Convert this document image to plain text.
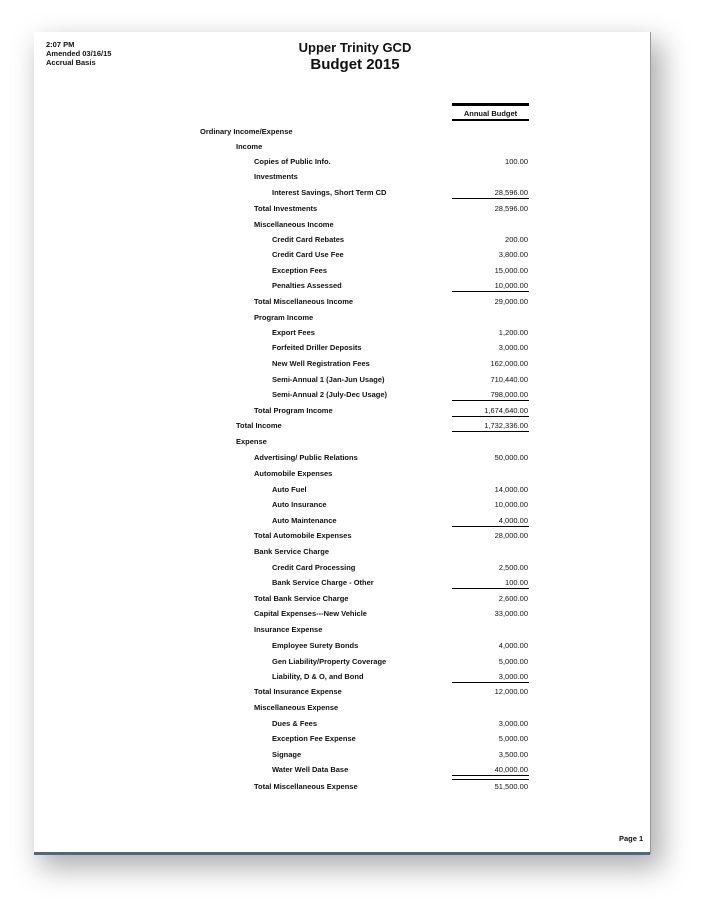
2:07 PM
Amended 03/16/15
Accrual Basis
Upper Trinity GCD
Budget 2015
Annual Budget
Ordinary Income/Expense
Income
Copies of Public Info.	100.00
Investments
Interest Savings, Short Term CD	28,596.00
Total Investments	28,596.00
Miscellaneous Income
Credit Card Rebates	200.00
Credit Card Use Fee	3,800.00
Exception Fees	15,000.00
Penalties Assessed	10,000.00
Total Miscellaneous Income	29,000.00
Program Income
Export Fees	1,200.00
Forfeited Driller Deposits	3,000.00
New Well Registration Fees	162,000.00
Semi-Annual 1 (Jan-Jun Usage)	710,440.00
Semi-Annual 2 (July-Dec Usage)	798,000.00
Total Program Income	1,674,640.00
Total Income	1,732,336.00
Expense
Advertising/ Public Relations	50,000.00
Automobile Expenses
Auto Fuel	14,000.00
Auto Insurance	10,000.00
Auto Maintenance	4,000.00
Total Automobile Expenses	28,000.00
Bank Service Charge
Credit Card Processing	2,500.00
Bank Service Charge - Other	100.00
Total Bank Service Charge	2,600.00
Capital Expenses---New Vehicle	33,000.00
Insurance Expense
Employee Surety Bonds	4,000.00
Gen Liability/Property Coverage	5,000.00
Liability, D & O, and Bond	3,000.00
Total Insurance Expense	12,000.00
Miscellaneous Expense
Dues & Fees	3,000.00
Exception Fee Expense	5,000.00
Signage	3,500.00
Water Well Data Base	40,000.00
Total Miscellaneous Expense	51,500.00
Page 1
